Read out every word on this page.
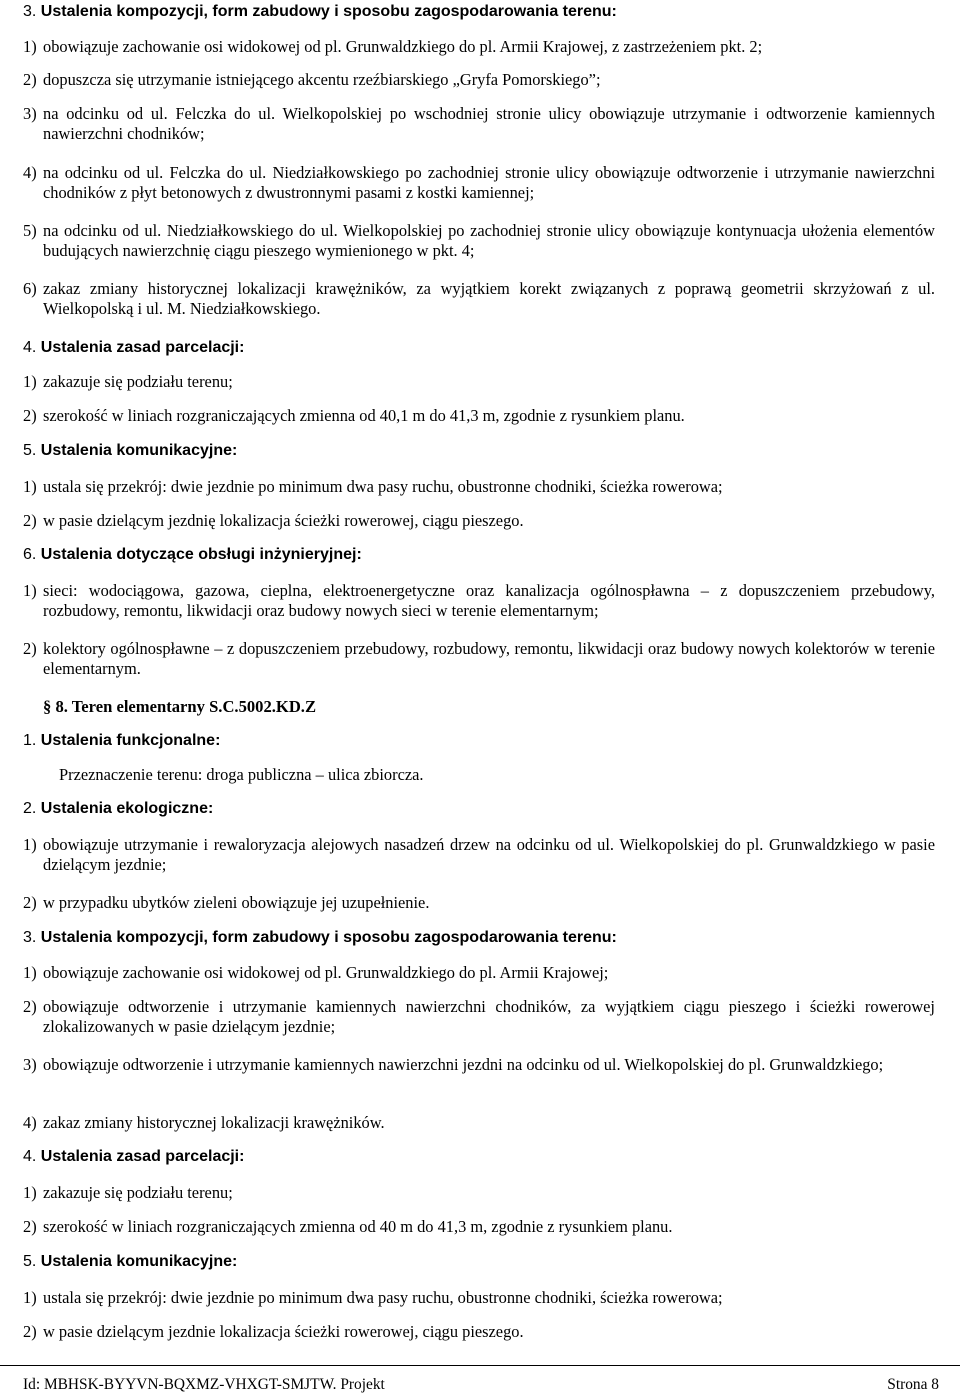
3. Ustalenia kompozycji, form zabudowy i sposobu zagospodarowania terenu:
1) obowiązuje zachowanie osi widokowej od pl. Grunwaldzkiego do pl. Armii Krajowej, z zastrzeżeniem pkt. 2;
2) dopuszcza się utrzymanie istniejącego akcentu rzeźbiarskiego „Gryfa Pomorskiego”;
3) na odcinku od ul. Felczka do ul. Wielkopolskiej po wschodniej stronie ulicy obowiązuje utrzymanie i odtworzenie kamiennych nawierzchni chodników;
4) na odcinku od ul. Felczka do ul. Niedziałkowskiego po zachodniej stronie ulicy obowiązuje odtworzenie i utrzymanie nawierzchni chodników z płyt betonowych z dwustronnymi pasami z kostki kamiennej;
5) na odcinku od ul. Niedziałkowskiego do ul. Wielkopolskiej po zachodniej stronie ulicy obowiązuje kontynuacja ułożenia elementów budujących nawierzchnię ciągu pieszego wymienionego w pkt. 4;
6) zakaz zmiany historycznej lokalizacji krawężników, za wyjątkiem korekt związanych z poprawą geometrii skrzyżowań z ul. Wielkopolską i ul. M. Niedziałkowskiego.
4. Ustalenia zasad parcelacji:
1) zakazuje się podziału terenu;
2) szerokość w liniach rozgraniczających zmienna od 40,1 m do 41,3 m, zgodnie z rysunkiem planu.
5. Ustalenia komunikacyjne:
1) ustala się przekrój: dwie jezdnie po minimum dwa pasy ruchu, obustronne chodniki, ścieżka rowerowa;
2) w pasie dzielącym jezdnię lokalizacja ścieżki rowerowej, ciągu pieszego.
6. Ustalenia dotyczące obsługi inżynieryjnej:
1) sieci: wodociągowa, gazowa, cieplna, elektroenergetyczne oraz kanalizacja ogólnospławna – z dopuszczeniem przebudowy, rozbudowy, remontu, likwidacji oraz budowy nowych sieci w terenie elementarnym;
2) kolektory ogólnospławne – z dopuszczeniem przebudowy, rozbudowy, remontu, likwidacji oraz budowy nowych kolektorów w terenie elementarnym.
§ 8. Teren elementarny S.C.5002.KD.Z
1. Ustalenia funkcjonalne:
Przeznaczenie terenu: droga publiczna – ulica zbiorcza.
2. Ustalenia ekologiczne:
1) obowiązuje utrzymanie i rewaloryzacja alejowych nasadzeń drzew na odcinku od ul. Wielkopolskiej do pl. Grunwaldzkiego w pasie dzielącym jezdnie;
2) w przypadku ubytków zieleni obowiązuje jej uzupełnienie.
3. Ustalenia kompozycji, form zabudowy i sposobu zagospodarowania terenu:
1) obowiązuje zachowanie osi widokowej od pl. Grunwaldzkiego do pl. Armii Krajowej;
2) obowiązuje odtworzenie i utrzymanie kamiennych nawierzchni chodników, za wyjątkiem ciągu pieszego i ścieżki rowerowej zlokalizowanych w pasie dzielącym jezdnie;
3) obowiązuje odtworzenie i utrzymanie kamiennych nawierzchni jezdni na odcinku od ul. Wielkopolskiej do pl. Grunwaldzkiego;
4) zakaz zmiany historycznej lokalizacji krawężników.
4. Ustalenia zasad parcelacji:
1) zakazuje się podziału terenu;
2) szerokość w liniach rozgraniczających zmienna od 40 m do 41,3 m, zgodnie z rysunkiem planu.
5. Ustalenia komunikacyjne:
1) ustala się przekrój: dwie jezdnie po minimum dwa pasy ruchu, obustronne chodniki, ścieżka rowerowa;
2) w pasie dzielącym jezdnie lokalizacja ścieżki rowerowej, ciągu pieszego.
Id: MBHSK-BYYVN-BQXMZ-VHXGT-SMJTW. Projekt	Strona 8
